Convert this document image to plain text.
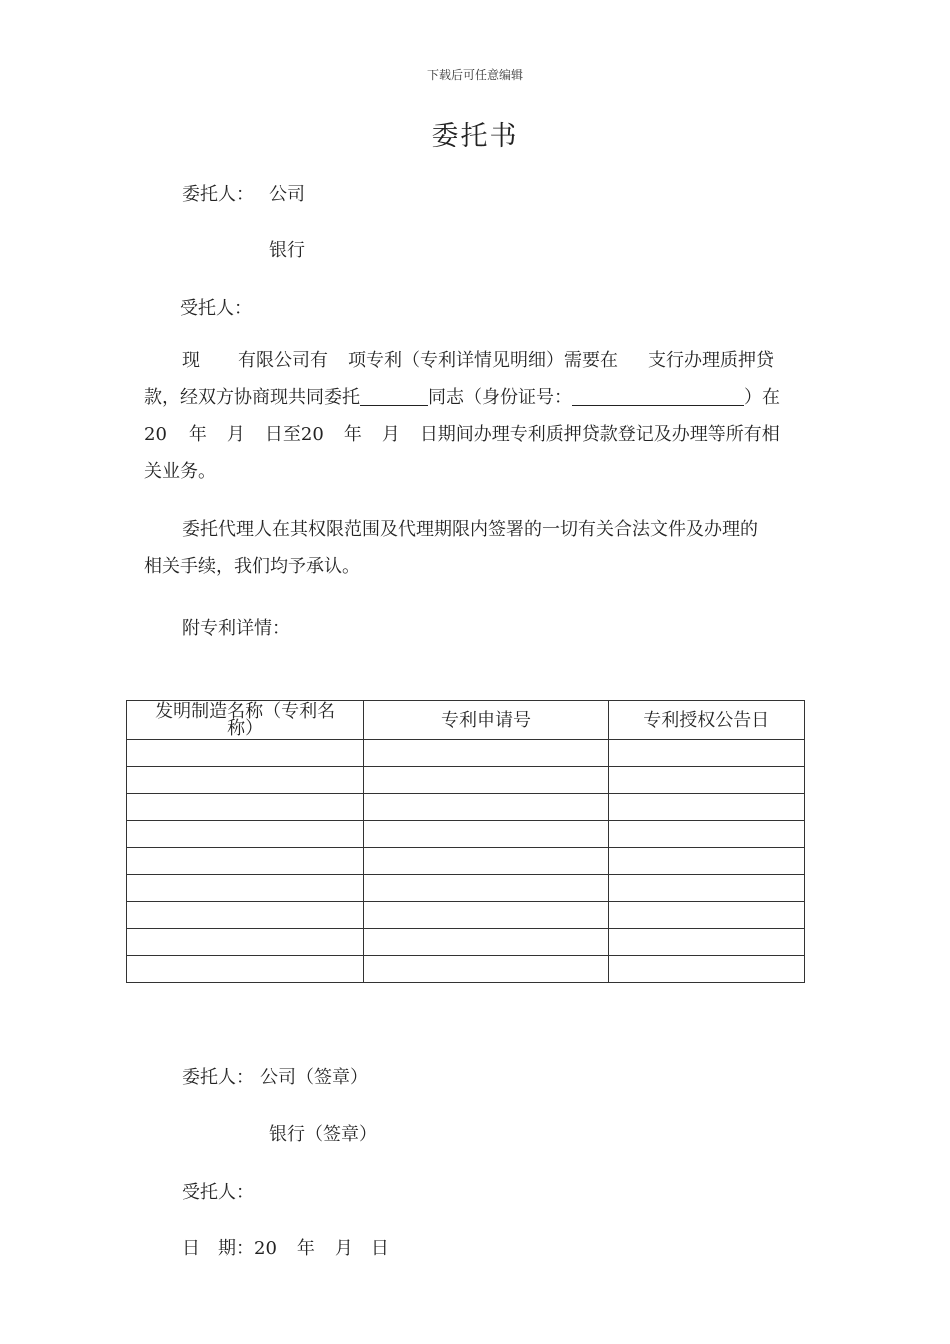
下载后可任意编辑
委托书
委托人： 公司
银行
受托人：

现 有限公司有 项专利（专利详情见明细）需要在 支行办理质押贷

款，经双方协商现共同委托	同志（身份证号：	）在

20 年 月 日至20 年 月 日期间办理专利质押贷款登记及办理等所有相

关业务。

委托代理人在其权限范围及代理期限内签署的一切有关合法文件及办理的

相关手续，我们均予承认。

附专利详情：
发明制造名称（专利名
称）	专利申请号	专利授权公告日

委托人： 公司（签章）
银行（签章）
受托人：
日 期：20 年 月 日
